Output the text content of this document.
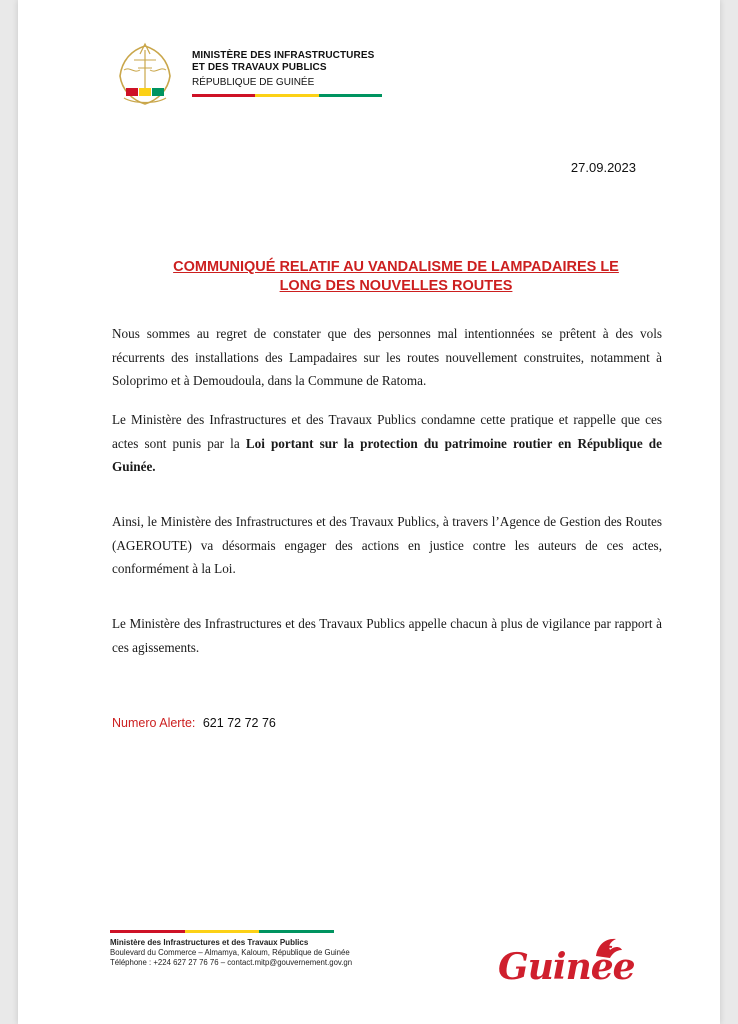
MINISTÈRE DES INFRASTRUCTURES
ET DES TRAVAUX PUBLICS
RÉPUBLIQUE DE GUINÉE
27.09.2023
COMMUNIQUÉ RELATIF AU VANDALISME DE LAMPADAIRES LE
LONG DES NOUVELLES ROUTES

Nous sommes au regret de constater que des personnes mal intentionnées se prêtent à des vols récurrents des installations des Lampadaires sur les routes nouvellement construites, notamment à Soloprimo et à Demoudoula, dans la Commune de Ratoma.

Le Ministère des Infrastructures et des Travaux Publics condamne cette pratique et rappelle que ces actes sont punis par la Loi portant sur la protection du patrimoine routier en République de Guinée.

Ainsi, le Ministère des Infrastructures et des Travaux Publics, à travers l’Agence de Gestion des Routes (AGEROUTE) va désormais engager des actions en justice contre les auteurs de ces actes, conformément à la Loi.

Le Ministère des Infrastructures et des Travaux Publics appelle chacun à plus de vigilance par rapport à ces agissements.

Numero Alerte: 621 72 72 76
Ministère des Infrastructures et des Travaux Publics
Boulevard du Commerce – Almamya, Kaloum, République de Guinée
Téléphone : +224 627 27 76 76 – contact.mitp@gouvernement.gov.gn	Guinée
